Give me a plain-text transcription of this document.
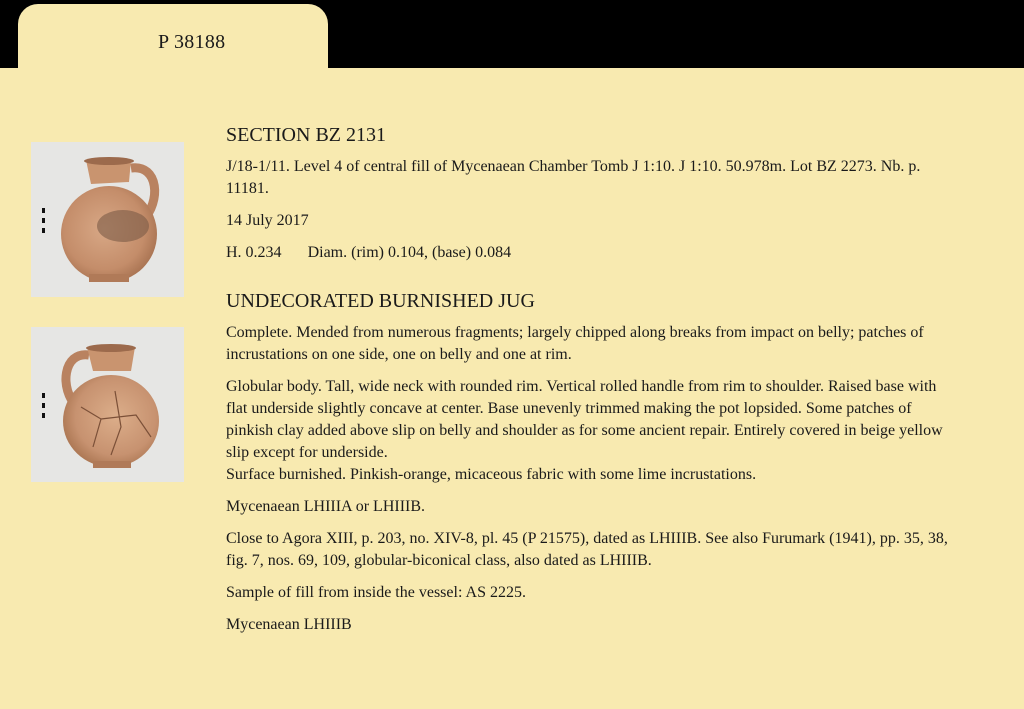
P 38188
SECTION BZ 2131

J/18-1/11. Level 4 of central fill of Mycenaean Chamber Tomb J 1:10. J 1:10. 50.978m. Lot BZ 2273. Nb. p. 11181.

14 July 2017

H. 0.234 Diam. (rim) 0.104, (base) 0.084

UNDECORATED BURNISHED JUG

Complete. Mended from numerous fragments; largely chipped along breaks from impact on belly; patches of incrustations on one side, one on belly and one at rim.

Globular body. Tall, wide neck with rounded rim. Vertical rolled handle from rim to shoulder. Raised base with flat underside slightly concave at center. Base unevenly trimmed making the pot lopsided. Some patches of pinkish clay added above slip on belly and shoulder as for some ancient repair. Entirely covered in beige yellow slip except for underside.
Surface burnished. Pinkish-orange, micaceous fabric with some lime incrustations.

Mycenaean LHIIIA or LHIIIB.

Close to Agora XIII, p. 203, no. XIV-8, pl. 45 (P 21575), dated as LHIIIB. See also Furumark (1941), pp. 35, 38, fig. 7, nos. 69, 109, globular-biconical class, also dated as LHIIIB.

Sample of fill from inside the vessel: AS 2225.

Mycenaean LHIIIB
